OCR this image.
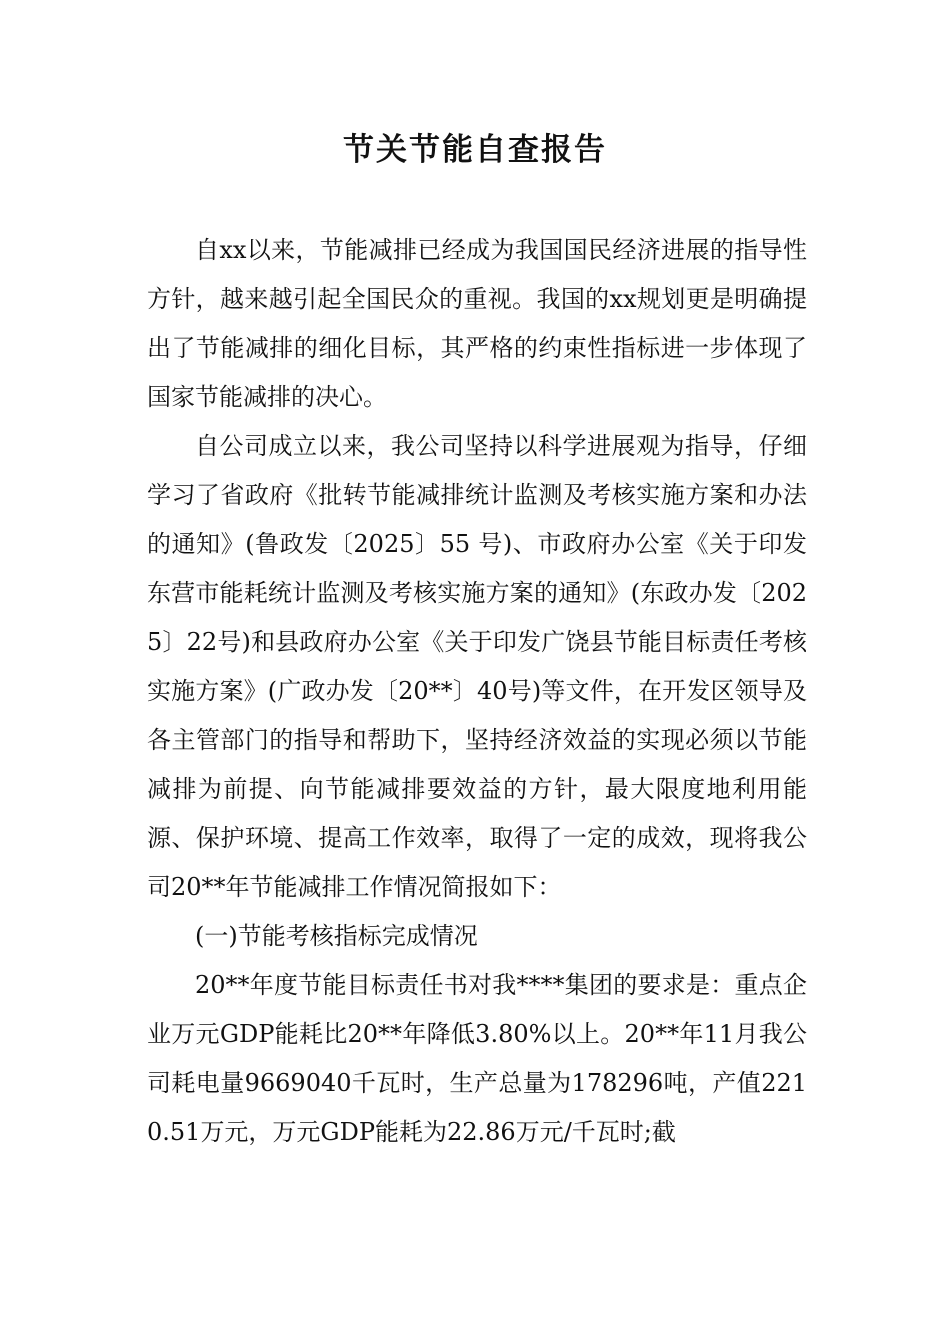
节关节能自查报告

自xx以来，节能减排已经成为我国国民经济进展的指导性方针，越来越引起全国民众的重视。我国的xx规划更是明确提出了节能减排的细化目标，其严格的约束性指标进一步体现了国家节能减排的决心。

自公司成立以来，我公司坚持以科学进展观为指导，仔细学习了省政府《批转节能减排统计监测及考核实施方案和办法的通知》(鲁政发〔2025〕55 号)、市政府办公室《关于印发东营市能耗统计监测及考核实施方案的通知》(东政办发〔2025〕22号)和县政府办公室《关于印发广饶县节能目标责任考核实施方案》(广政办发〔20**〕40号)等文件，在开发区领导及各主管部门的指导和帮助下，坚持经济效益的实现必须以节能减排为前提、向节能减排要效益的方针，最大限度地利用能源、保护环境、提高工作效率，取得了一定的成效，现将我公司20**年节能减排工作情况简报如下：

(一)节能考核指标完成情况

20**年度节能目标责任书对我****集团的要求是：重点企业万元GDP能耗比20**年降低3.80%以上。20**年11月我公司耗电量9669040千瓦时，生产总量为178296吨，产值2210.51万元，万元GDP能耗为22.86万元/千瓦时;截
